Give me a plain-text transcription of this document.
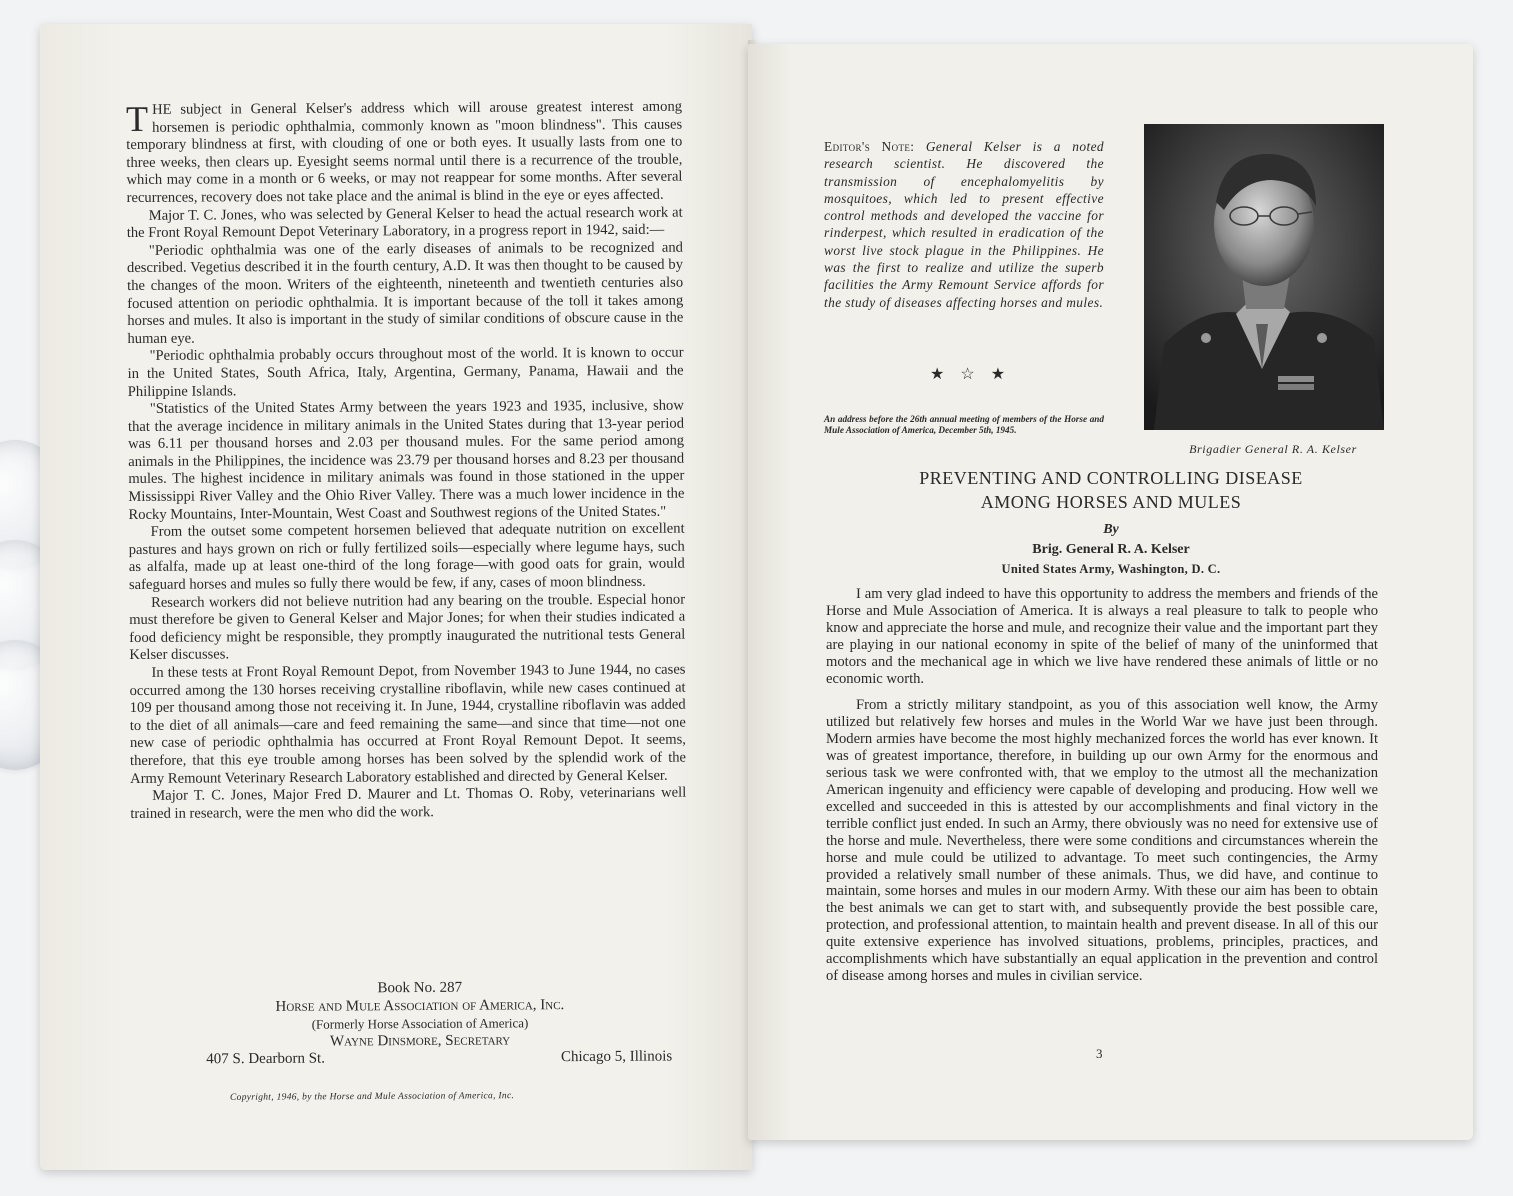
THE subject in General Kelser's address which will arouse greatest interest among horsemen is periodic ophthalmia, commonly known as "moon blindness". This causes temporary blindness at first, with clouding of one or both eyes. It usually lasts from one to three weeks, then clears up. Eyesight seems normal until there is a recurrence of the trouble, which may come in a month or 6 weeks, or may not reappear for some months. After several recurrences, recovery does not take place and the animal is blind in the eye or eyes affected.

Major T. C. Jones, who was selected by General Kelser to head the actual research work at the Front Royal Remount Depot Veterinary Laboratory, in a progress report in 1942, said:—

"Periodic ophthalmia was one of the early diseases of animals to be recognized and described. Vegetius described it in the fourth century, A.D. It was then thought to be caused by the changes of the moon. Writers of the eighteenth, nineteenth and twentieth centuries also focused attention on periodic ophthalmia. It is important because of the toll it takes among horses and mules. It also is important in the study of similar conditions of obscure cause in the human eye.

"Periodic ophthalmia probably occurs throughout most of the world. It is known to occur in the United States, South Africa, Italy, Argentina, Germany, Panama, Hawaii and the Philippine Islands.

"Statistics of the United States Army between the years 1923 and 1935, inclusive, show that the average incidence in military animals in the United States during that 13-year period was 6.11 per thousand horses and 2.03 per thousand mules. For the same period among animals in the Philippines, the incidence was 23.79 per thousand horses and 8.23 per thousand mules. The highest incidence in military animals was found in those stationed in the upper Mississippi River Valley and the Ohio River Valley. There was a much lower incidence in the Rocky Mountains, Inter-Mountain, West Coast and Southwest regions of the United States."

From the outset some competent horsemen believed that adequate nutrition on excellent pastures and hays grown on rich or fully fertilized soils—especially where legume hays, such as alfalfa, made up at least one-third of the long forage—with good oats for grain, would safeguard horses and mules so fully there would be few, if any, cases of moon blindness.

Research workers did not believe nutrition had any bearing on the trouble. Especial honor must therefore be given to General Kelser and Major Jones; for when their studies indicated a food deficiency might be responsible, they promptly inaugurated the nutritional tests General Kelser discusses.

In these tests at Front Royal Remount Depot, from November 1943 to June 1944, no cases occurred among the 130 horses receiving crystalline riboflavin, while new cases continued at 109 per thousand among those not receiving it. In June, 1944, crystalline riboflavin was added to the diet of all animals—care and feed remaining the same—and since that time—not one new case of periodic ophthalmia has occurred at Front Royal Remount Depot. It seems, therefore, that this eye trouble among horses has been solved by the splendid work of the Army Remount Veterinary Research Laboratory established and directed by General Kelser.

Major T. C. Jones, Major Fred D. Maurer and Lt. Thomas O. Roby, veterinarians well trained in research, were the men who did the work.

Book No. 287
Horse and Mule Association of America, Inc.
(Formerly Horse Association of America)
Wayne Dinsmore, Secretary
407 S. Dearborn St.	Chicago 5, Illinois
Copyright, 1946, by the Horse and Mule Association of America, Inc.
Editor's Note: General Kelser is a noted research scientist. He discovered the transmission of encephalomyelitis by mosquitoes, which led to present effective control methods and developed the vaccine for rinderpest, which resulted in eradication of the worst live stock plague in the Philippines. He was the first to realize and utilize the superb facilities the Army Remount Service affords for the study of diseases affecting horses and mules.
★ ☆ ★
An address before the 26th annual meeting of members of the Horse and Mule Association of America, December 5th, 1945.
Brigadier General R. A. Kelser
PREVENTING AND CONTROLLING DISEASE
AMONG HORSES AND MULES
By
Brig. General R. A. Kelser
United States Army, Washington, D. C.

I am very glad indeed to have this opportunity to address the members and friends of the Horse and Mule Association of America. It is always a real pleasure to talk to people who know and appreciate the horse and mule, and recognize their value and the important part they are playing in our national economy in spite of the belief of many of the uninformed that motors and the mechanical age in which we live have rendered these animals of little or no economic worth.

From a strictly military standpoint, as you of this association well know, the Army utilized but relatively few horses and mules in the World War we have just been through. Modern armies have become the most highly mechanized forces the world has ever known. It was of greatest importance, therefore, in building up our own Army for the enormous and serious task we were confronted with, that we employ to the utmost all the mechanization American ingenuity and efficiency were capable of developing and producing. How well we excelled and succeeded in this is attested by our accomplishments and final victory in the terrible conflict just ended. In such an Army, there obviously was no need for extensive use of the horse and mule. Nevertheless, there were some conditions and circumstances wherein the horse and mule could be utilized to advantage. To meet such contingencies, the Army provided a relatively small number of these animals. Thus, we did have, and continue to maintain, some horses and mules in our modern Army. With these our aim has been to obtain the best animals we can get to start with, and subsequently provide the best possible care, protection, and professional attention, to maintain health and prevent disease. In all of this our quite extensive experience has involved situations, problems, principles, practices, and accomplishments which have substantially an equal application in the prevention and control of disease among horses and mules in civilian service.

3
